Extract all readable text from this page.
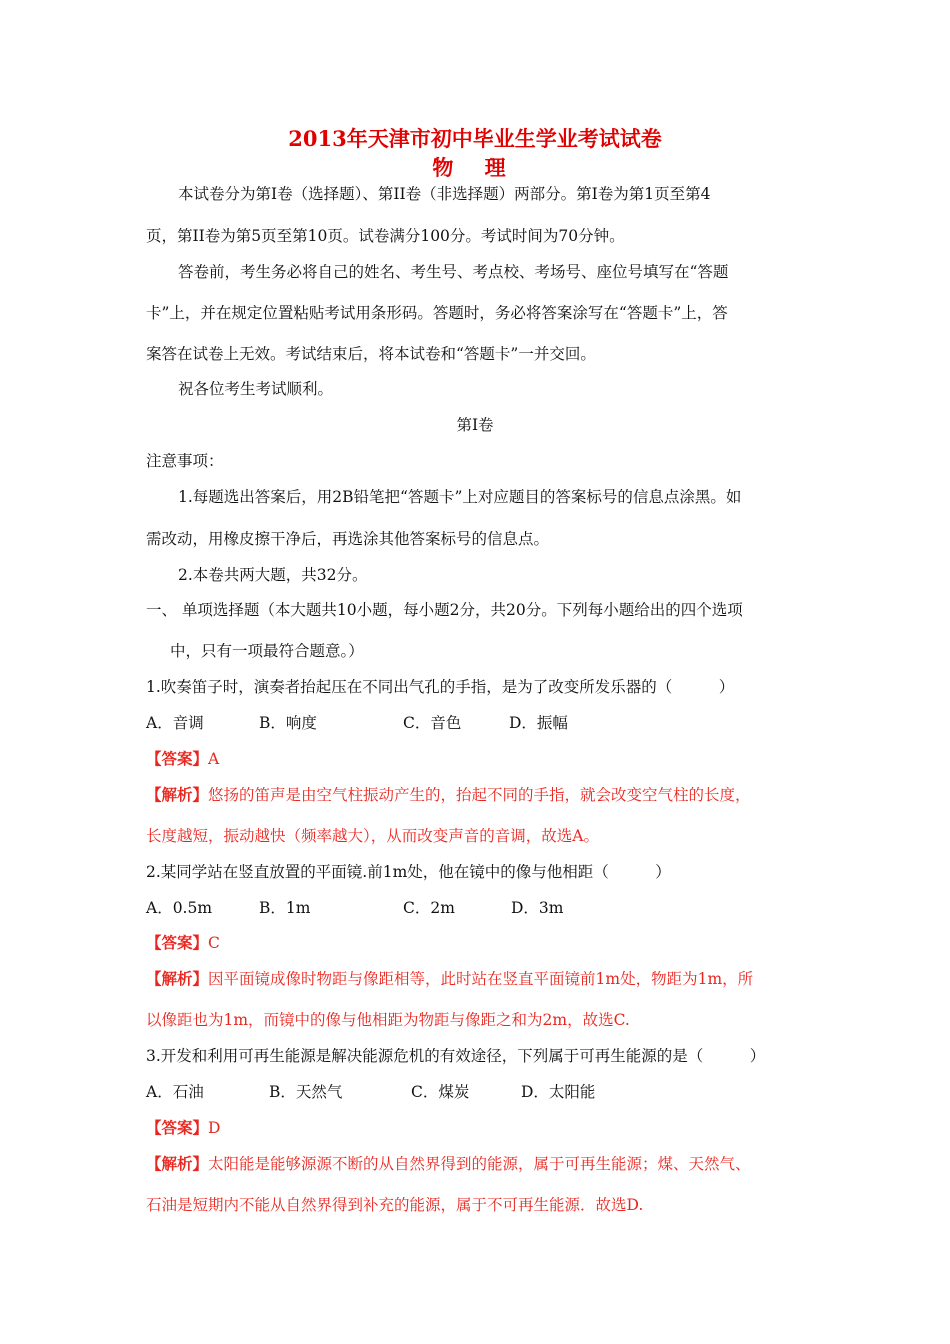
2013年天津市初中毕业生学业考试试卷
物 理
本试卷分为第Ⅰ卷（选择题）、第II卷（非选择题）两部分。第Ⅰ卷为第1页至第4
页，第II卷为第5页至第10页。试卷满分100分。考试时间为70分钟。
答卷前，考生务必将自己的姓名、考生号、考点校、考场号、座位号填写在“答题
卡”上，并在规定位置粘贴考试用条形码。答题时，务必将答案涂写在“答题卡”上，答
案答在试卷上无效。考试结束后，将本试卷和“答题卡”一并交回。
祝各位考生考试顺利。
第Ⅰ卷
注意事项：
1.每题选出答案后，用2B铅笔把“答题卡”上对应题目的答案标号的信息点涂黑。如
需改动，用橡皮擦干净后，再选涂其他答案标号的信息点。
2.本卷共两大题，共32分。
一、 单项选择题（本大题共10小题，每小题2分，共20分。下列每小题给出的四个选项
中，只有一项最符合题意。）
1.吹奏笛子时，演奏者抬起压在不同出气孔的手指，是为了改变所发乐器的（　　　）
A．音调	B．响度	C．音色	D．振幅
【答案】A
【解析】悠扬的笛声是由空气柱振动产生的，抬起不同的手指，就会改变空气柱的长度，
长度越短，振动越快（频率越大），从而改变声音的音调，故选A。
2.某同学站在竖直放置的平面镜.前1m处，他在镜中的像与他相距（　　　）
A．0.5m	B．1m	C．2m	D．3m
【答案】C
【解析】因平面镜成像时物距与像距相等，此时站在竖直平面镜前1m处，物距为1m，所
以像距也为1m，而镜中的像与他相距为物距与像距之和为2m，故选C.
3.开发和利用可再生能源是解决能源危机的有效途径，下列属于可再生能源的是（　　　）
A．石油	B．天然气	C．煤炭	D．太阳能
【答案】D
【解析】太阳能是能够源源不断的从自然界得到的能源，属于可再生能源；煤、天然气、
石油是短期内不能从自然界得到补充的能源，属于不可再生能源．故选D.
